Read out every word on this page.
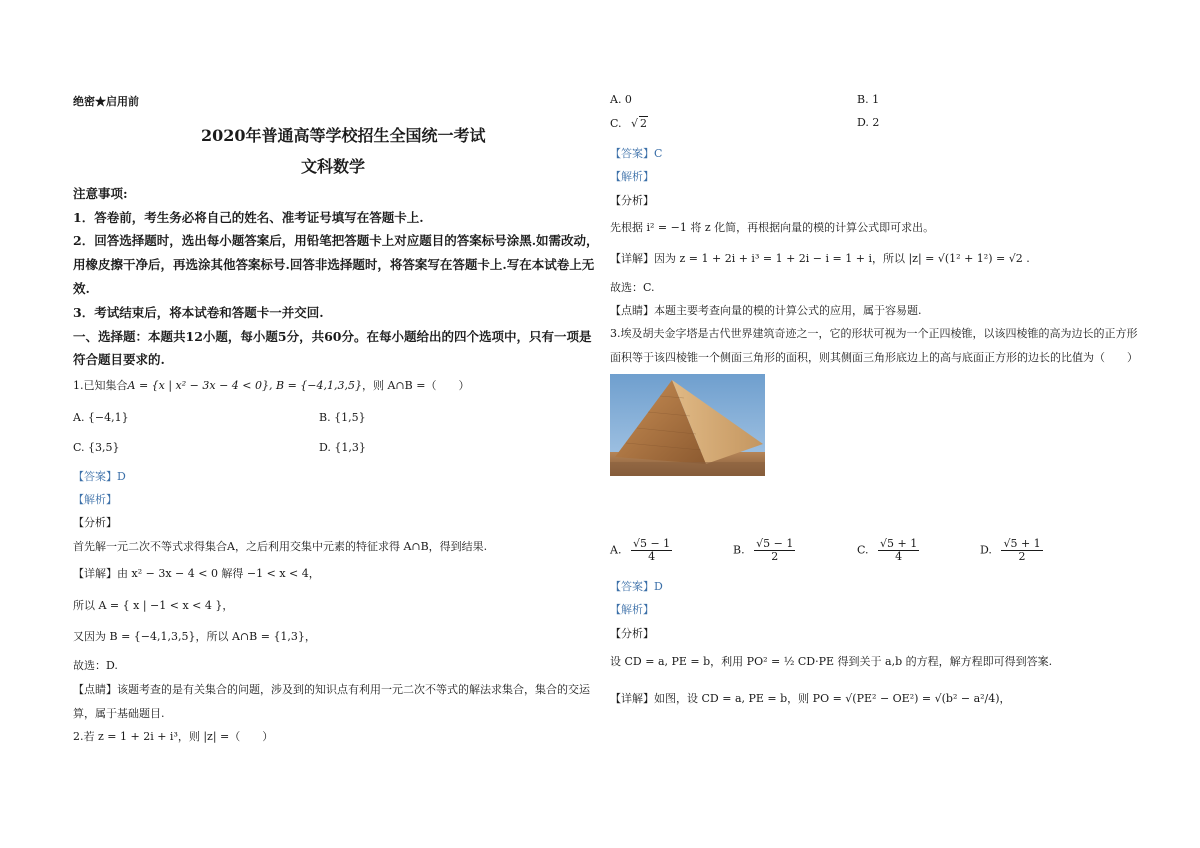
绝密★启用前
2020年普通高等学校招生全国统一考试
文科数学
注意事项:
1．答卷前，考生务必将自己的姓名、准考证号填写在答题卡上.
2．回答选择题时，选出每小题答案后，用铅笔把答题卡上对应题目的答案标号涂黑.如需改动，
用橡皮擦干净后，再选涂其他答案标号.回答非选择题时，将答案写在答题卡上.写在本试卷上无
效.
3．考试结束后，将本试卷和答题卡一并交回.
一、选择题：本题共12小题，每小题5分，共60分。在每小题给出的四个选项中，只有一项是
符合题目要求的.
1.已知集合A = {x | x² − 3x − 4 < 0}, B = {−4,1,3,5}，则 A∩B =（　　）
A. {−4,1}	B. {1,5}
C. {3,5}	D. {1,3}
【答案】D
【解析】
【分析】
首先解一元二次不等式求得集合A，之后利用交集中元素的特征求得 A∩B，得到结果.
【详解】由 x² − 3x − 4 < 0 解得 −1 < x < 4，
所以 A = { x | −1 < x < 4 }，
又因为 B = {−4,1,3,5}，所以 A∩B = {1,3}，
故选：D.
【点睛】该题考查的是有关集合的问题，涉及到的知识点有利用一元二次不等式的解法求集合，集合的交运
算，属于基础题目.
2.若 z = 1 + 2i + i³，则 |z| =（　　）
A. 0	B. 1
C. √ 2	D. 2
【答案】C
【解析】
【分析】
先根据 i² = −1 将 z 化简，再根据向量的模的计算公式即可求出。
【详解】因为 z = 1 + 2i + i³ = 1 + 2i − i = 1 + i，所以 |z| = √(1² + 1²) = √2 .
故选：C.
【点睛】本题主要考查向量的模的计算公式的应用，属于容易题.
3.埃及胡夫金字塔是古代世界建筑奇迹之一，它的形状可视为一个正四棱锥，以该四棱锥的高为边长的正方形
面积等于该四棱锥一个侧面三角形的面积，则其侧面三角形底边上的高与底面正方形的边长的比值为（　　）
A. $\frac{√5 - 1}{4}$	B. $\frac{√5 - 1}{2}$	C. $\frac{√5 + 1}{4}$	D. $\frac{√5 + 1}{2}$
【答案】D
【解析】
【分析】
设 CD = a, PE = b，利用 PO² = ½ CD·PE 得到关于 a,b 的方程，解方程即可得到答案.
【详解】如图，设 CD = a, PE = b，则 PO = √(PE² − OE²) = √(b² − a²/4)，
